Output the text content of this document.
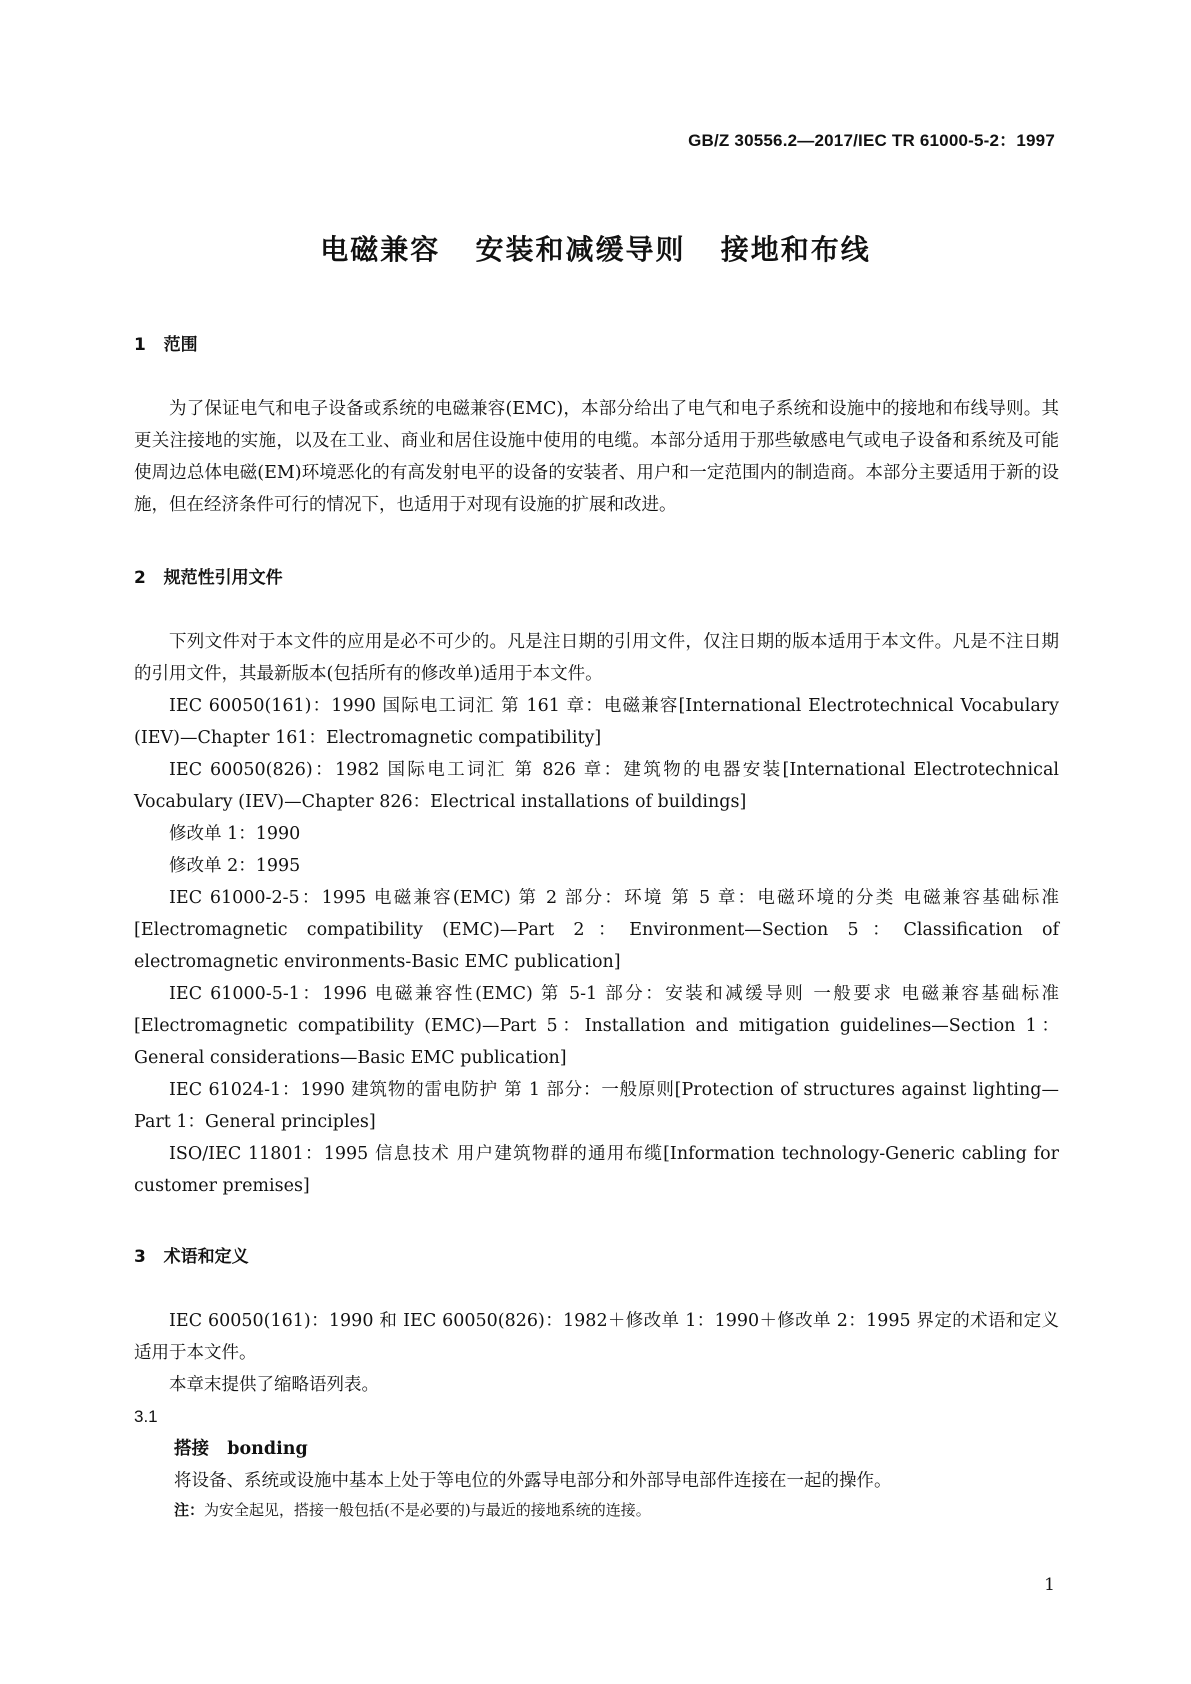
GB/Z 30556.2—2017/IEC TR 61000-5-2：1997
电磁兼容   安装和减缓导则   接地和布线

1   范围

为了保证电气和电子设备或系统的电磁兼容(EMC)，本部分给出了电气和电子系统和设施中的接地和布线导则。其更关注接地的实施，以及在工业、商业和居住设施中使用的电缆。本部分适用于那些敏感电气或电子设备和系统及可能使周边总体电磁(EM)环境恶化的有高发射电平的设备的安装者、用户和一定范围内的制造商。本部分主要适用于新的设施，但在经济条件可行的情况下，也适用于对现有设施的扩展和改进。

2   规范性引用文件

下列文件对于本文件的应用是必不可少的。凡是注日期的引用文件，仅注日期的版本适用于本文件。凡是不注日期的引用文件，其最新版本(包括所有的修改单)适用于本文件。

IEC 60050(161)：1990 国际电工词汇 第 161 章：电磁兼容[International Electrotechnical Vocabulary (IEV)—Chapter 161：Electromagnetic compatibility]

IEC 60050(826)：1982 国际电工词汇 第 826 章：建筑物的电器安装[International Electrotechnical Vocabulary (IEV)—Chapter 826：Electrical installations of buildings]

修改单 1：1990

修改单 2：1995

IEC 61000-2-5：1995 电磁兼容(EMC) 第 2 部分：环境 第 5 章：电磁环境的分类 电磁兼容基础标准[Electromagnetic compatibility (EMC)—Part 2：Environment—Section 5：Classification of electromagnetic environments-Basic EMC publication]

IEC 61000-5-1：1996 电磁兼容性(EMC) 第 5-1 部分：安装和减缓导则 一般要求 电磁兼容基础标准[Electromagnetic compatibility (EMC)—Part 5：Installation and mitigation guidelines—Section 1：General considerations—Basic EMC publication]

IEC 61024-1：1990 建筑物的雷电防护 第 1 部分：一般原则[Protection of structures against lighting—Part 1：General principles]

ISO/IEC 11801：1995 信息技术 用户建筑物群的通用布缆[Information technology-Generic cabling for customer premises]

3   术语和定义

IEC 60050(161)：1990 和 IEC 60050(826)：1982＋修改单 1：1990＋修改单 2：1995 界定的术语和定义适用于本文件。

本章末提供了缩略语列表。

3.1

搭接   bonding

将设备、系统或设施中基本上处于等电位的外露导电部分和外部导电部件连接在一起的操作。

注：为安全起见，搭接一般包括(不是必要的)与最近的接地系统的连接。

1
